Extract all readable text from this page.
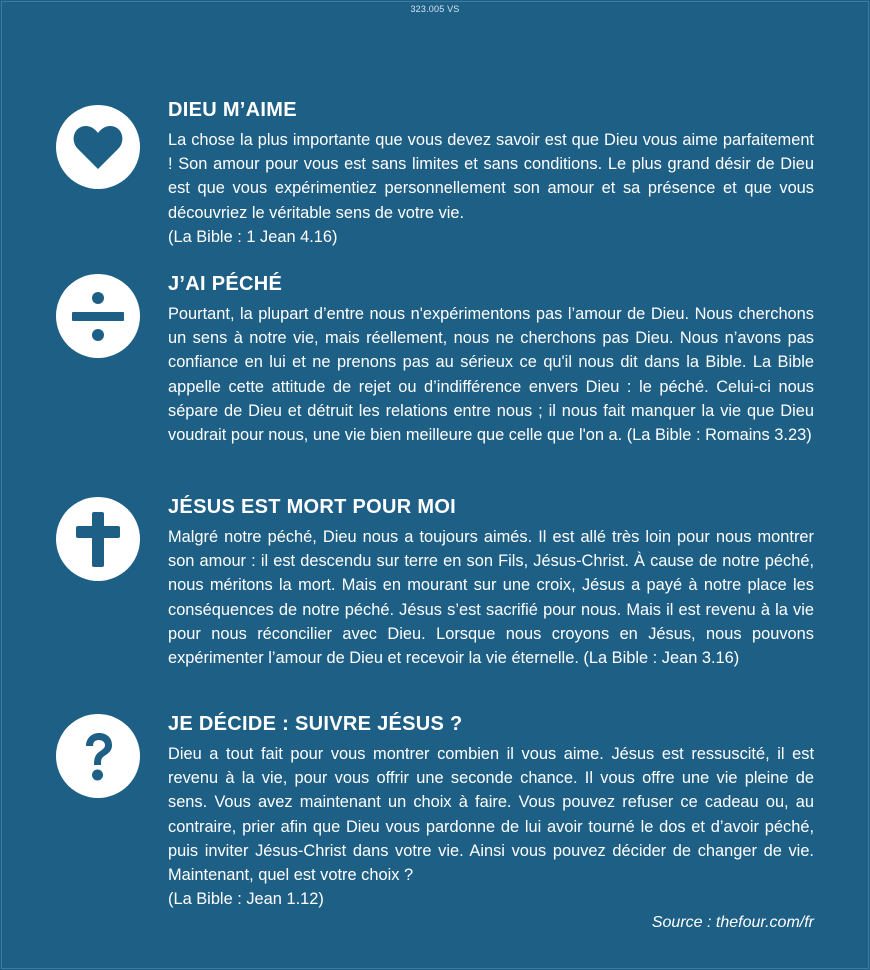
323.005 VS
DIEU M’AIME

La chose la plus importante que vous devez savoir est que Dieu vous aime parfaitement ! Son amour pour vous est sans limites et sans conditions. Le plus grand désir de Dieu est que vous expérimentiez personnellement son amour et sa présence et que vous découvriez le véritable sens de votre vie.

(La Bible : 1 Jean 4.16)

J’AI PÉCHÉ

Pourtant, la plupart d’entre nous n'expérimentons pas l’amour de Dieu. Nous cherchons un sens à notre vie, mais réellement, nous ne cherchons pas Dieu. Nous n’avons pas confiance en lui et ne prenons pas au sérieux ce qu'il nous dit dans la Bible. La Bible appelle cette attitude de rejet ou d’indifférence envers Dieu : le péché. Celui-ci nous sépare de Dieu et détruit les relations entre nous ; il nous fait manquer la vie que Dieu voudrait pour nous, une vie bien meilleure que celle que l'on a. (La Bible : Romains 3.23)

JÉSUS EST MORT POUR MOI

Malgré notre péché, Dieu nous a toujours aimés. Il est allé très loin pour nous montrer son amour : il est descendu sur terre en son Fils, Jésus-Christ. À cause de notre péché, nous méritons la mort. Mais en mourant sur une croix, Jésus a payé à notre place les conséquences de notre péché. Jésus s’est sacrifié pour nous. Mais il est revenu à la vie pour nous réconcilier avec Dieu. Lorsque nous croyons en Jésus, nous pouvons expérimenter l’amour de Dieu et recevoir la vie éternelle. (La Bible : Jean 3.16)

JE DÉCIDE : SUIVRE JÉSUS ?

Dieu a tout fait pour vous montrer combien il vous aime. Jésus est ressuscité, il est revenu à la vie, pour vous offrir une seconde chance. Il vous offre une vie pleine de sens. Vous avez maintenant un choix à faire. Vous pouvez refuser ce cadeau ou, au contraire, prier afin que Dieu vous pardonne de lui avoir tourné le dos et d’avoir péché, puis inviter Jésus-Christ dans votre vie. Ainsi vous pouvez décider de changer de vie. Maintenant, quel est votre choix ?

(La Bible : Jean 1.12)

Source : thefour.com/fr
